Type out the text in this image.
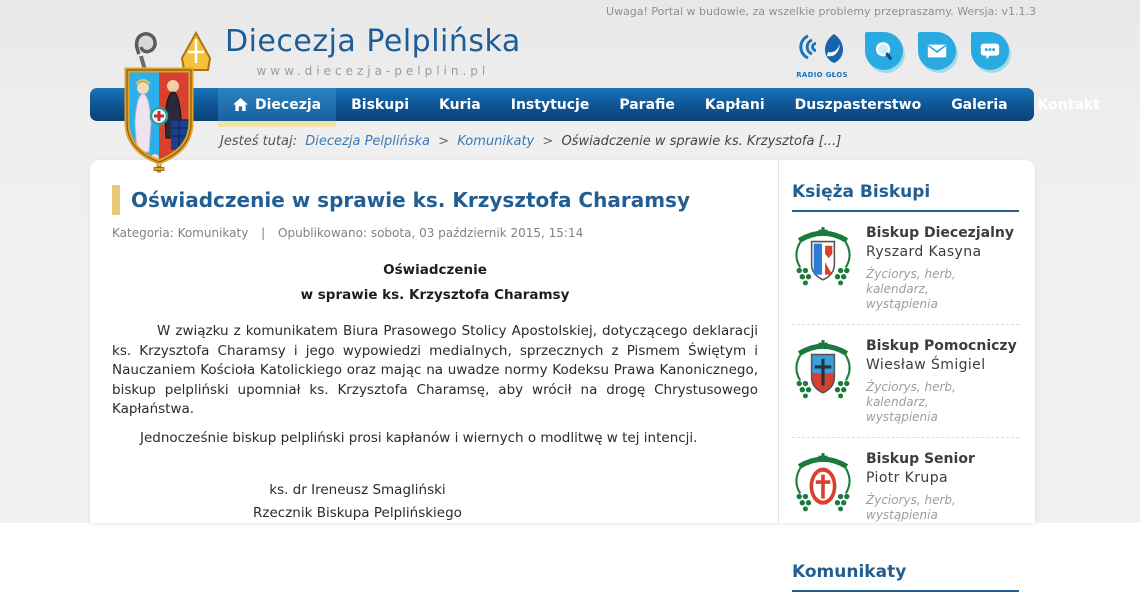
Uwaga! Portal w budowie, za wszelkie problemy przepraszamy. Wersja: v1.1.3
Diecezja Pelplińska
www.diecezja-pelplin.pl	RADIO GŁOS
Diecezja Biskupi Kuria Instytucje Parafie Kapłani Duszpasterstwo Galeria Kontakt
Jesteś tutaj: Diecezja Pelplińska > Komunikaty > Oświadczenie w sprawie ks. Krzysztofa [...]
Oświadczenie w sprawie ks. Krzysztofa Charamsy
Kategoria: Komunikaty | Opublikowano: sobota, 03 październik 2015, 15:14
Oświadczenie
w sprawie ks. Krzysztofa Charamsy

W związku z komunikatem Biura Prasowego Stolicy Apostolskiej, dotyczącego deklaracji ks. Krzysztofa Charamsy i jego wypowiedzi medialnych, sprzecznych z Pismem Świętym i Nauczaniem Kościoła Katolickiego oraz mając na uwadze normy Kodeksu Prawa Kanonicznego, biskup pelpliński upomniał ks. Krzysztofa Charamsę, aby wrócił na drogę Chrystusowego Kapłaństwa.

Jednocześnie biskup pelpliński prosi kapłanów i wiernych o modlitwę w tej intencji.

ks. dr Ireneusz Smagliński
Rzecznik Biskupa Pelplińskiego
Księża Biskupi
Biskup Diecezjalny
Ryszard Kasyna
Życiorys, herb, kalendarz, wystąpienia
Biskup Pomocniczy
Wiesław Śmigiel
Życiorys, herb, kalendarz, wystąpienia
Biskup Senior
Piotr Krupa
Życiorys, herb, wystąpienia
Komunikaty
